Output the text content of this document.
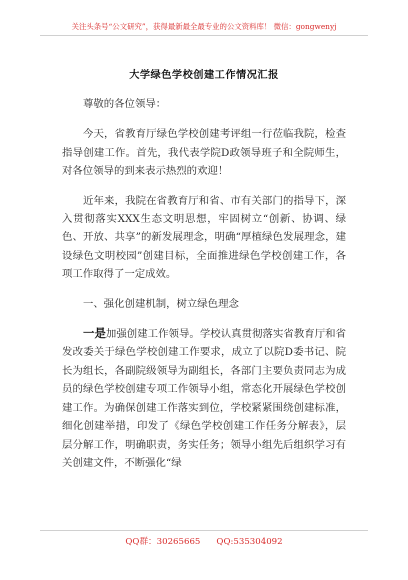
关注头条号“公文研究”，获得最新最全最专业的公文资料库！ 微信：gongwenyj
大学绿色学校创建工作情况汇报

尊敬的各位领导：

今天，省教育厅绿色学校创建考评组一行莅临我院，检查指导创建工作。首先，我代表学院D政领导班子和全院师生，对各位领导的到来表示热烈的欢迎！

近年来，我院在省教育厅和省、市有关部门的指导下，深入贯彻落实XXX生态文明思想，牢固树立“创新、协调、绿色、开放、共享”的新发展理念，明确“厚植绿色发展理念，建设绿色文明校园”创建目标，全面推进绿色学校创建工作，各项工作取得了一定成效。

一、强化创建机制，树立绿色理念

一是加强创建工作领导。学校认真贯彻落实省教育厅和省发改委关于绿色学校创建工作要求，成立了以院D委书记、院长为组长，各副院级领导为副组长，各部门主要负责同志为成员的绿色学校创建专项工作领导小组，常态化开展绿色学校创建工作。为确保创建工作落实到位，学校紧紧围绕创建标准，细化创建举措，印发了《绿色学校创建工作任务分解表》，层层分解工作，明确职责，务实任务；领导小组先后组织学习有关创建文件，不断强化“绿

QQ群：30265665 QQ:535304092
